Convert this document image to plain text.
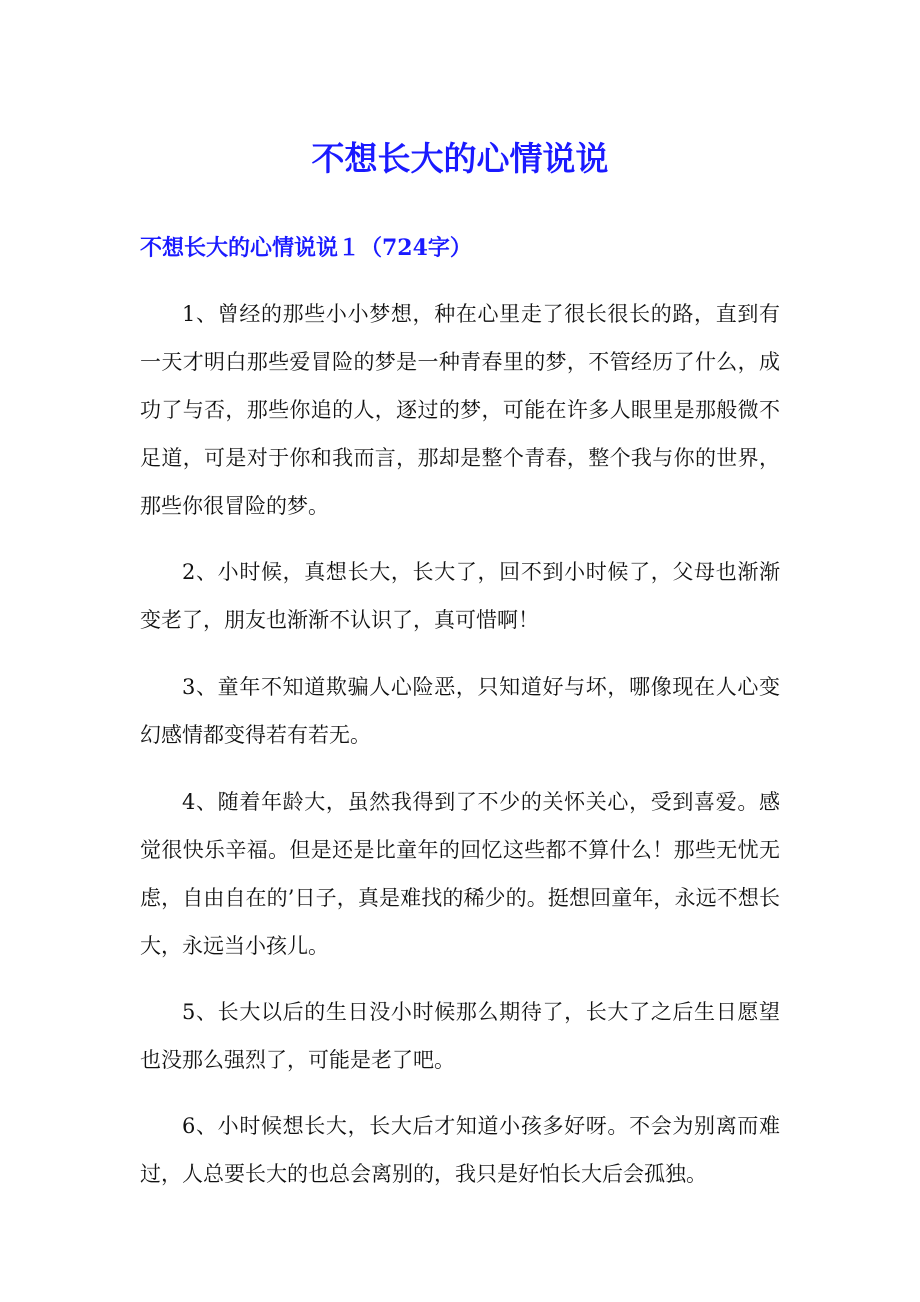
不想长大的心情说说
不想长大的心情说说１（724字）

1、曾经的那些小小梦想，种在心里走了很长很长的路，直到有一天才明白那些爱冒险的梦是一种青春里的梦，不管经历了什么，成功了与否，那些你追的人，逐过的梦，可能在许多人眼里是那般微不足道，可是对于你和我而言，那却是整个青春，整个我与你的世界，那些你很冒险的梦。

2、小时候，真想长大，长大了，回不到小时候了，父母也渐渐变老了，朋友也渐渐不认识了，真可惜啊！

3、童年不知道欺骗人心险恶，只知道好与坏，哪像现在人心变幻感情都变得若有若无。

4、随着年龄大，虽然我得到了不少的关怀关心，受到喜爱。感觉很快乐辛福。但是还是比童年的回忆这些都不算什么！那些无忧无虑，自由自在的’日子，真是难找的稀少的。挺想回童年，永远不想长大，永远当小孩儿。

5、长大以后的生日没小时候那么期待了，长大了之后生日愿望也没那么强烈了，可能是老了吧。

6、小时候想长大，长大后才知道小孩多好呀。不会为别离而难过，人总要长大的也总会离别的，我只是好怕长大后会孤独。
